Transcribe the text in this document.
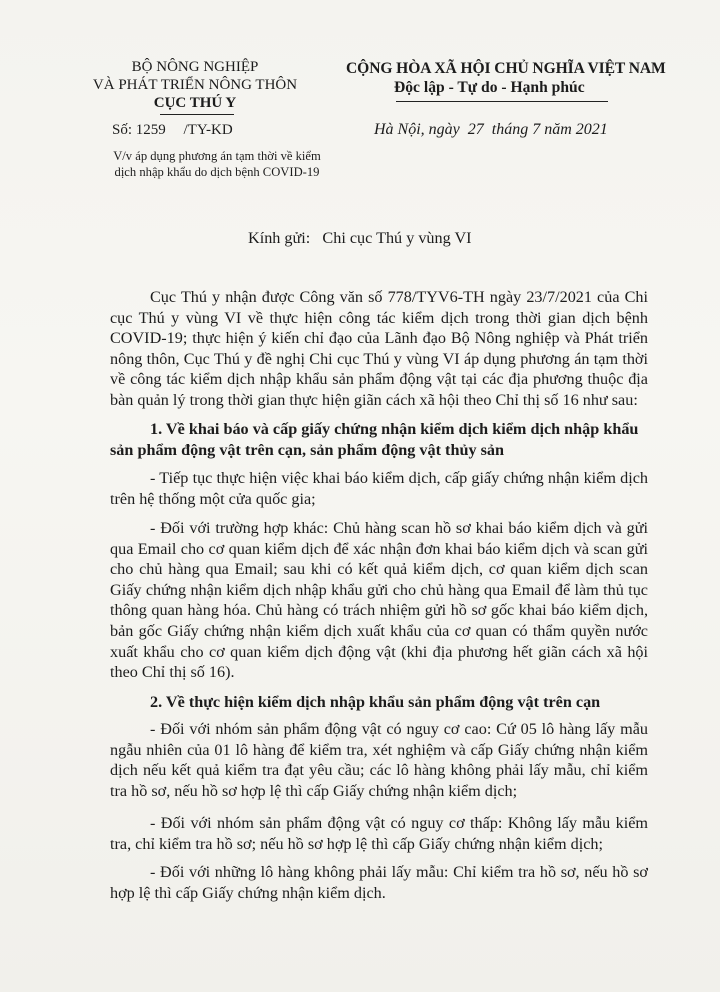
BỘ NÔNG NGHIỆP
VÀ PHÁT TRIỂN NÔNG THÔN
CỤC THÚ Y
Số: 1259 /TY-KD
V/v áp dụng phương án tạm thời về kiểm
dịch nhập khẩu do dịch bệnh COVID-19
CỘNG HÒA XÃ HỘI CHỦ NGHĨA VIỆT NAM
Độc lập - Tự do - Hạnh phúc
Hà Nội, ngày  27  tháng 7 năm 2021
Kính gửi:   Chi cục Thú y vùng VI

Cục Thú y nhận được Công văn số 778/TYV6-TH ngày 23/7/2021 của Chi cục Thú y vùng VI về thực hiện công tác kiểm dịch trong thời gian dịch bệnh COVID-19; thực hiện ý kiến chỉ đạo của Lãnh đạo Bộ Nông nghiệp và Phát triển nông thôn, Cục Thú y đề nghị Chi cục Thú y vùng VI áp dụng phương án tạm thời về công tác kiểm dịch nhập khẩu sản phẩm động vật tại các địa phương thuộc địa bàn quản lý trong thời gian thực hiện giãn cách xã hội theo Chỉ thị số 16 như sau:

1. Về khai báo và cấp giấy chứng nhận kiểm dịch kiểm dịch nhập khẩu sản phẩm động vật trên cạn, sản phẩm động vật thủy sản

- Tiếp tục thực hiện việc khai báo kiểm dịch, cấp giấy chứng nhận kiểm dịch trên hệ thống một cửa quốc gia;

- Đối với trường hợp khác: Chủ hàng scan hồ sơ khai báo kiểm dịch và gửi qua Email cho cơ quan kiểm dịch để xác nhận đơn khai báo kiểm dịch và scan gửi cho chủ hàng qua Email; sau khi có kết quả kiểm dịch, cơ quan kiểm dịch scan Giấy chứng nhận kiểm dịch nhập khẩu gửi cho chủ hàng qua Email để làm thủ tục thông quan hàng hóa. Chủ hàng có trách nhiệm gửi hồ sơ gốc khai báo kiểm dịch, bản gốc Giấy chứng nhận kiểm dịch xuất khẩu của cơ quan có thẩm quyền nước xuất khẩu cho cơ quan kiểm dịch động vật (khi địa phương hết giãn cách xã hội theo Chỉ thị số 16).

2. Về thực hiện kiểm dịch nhập khẩu sản phẩm động vật trên cạn

- Đối với nhóm sản phẩm động vật có nguy cơ cao: Cứ 05 lô hàng lấy mẫu ngẫu nhiên của 01 lô hàng để kiểm tra, xét nghiệm và cấp Giấy chứng nhận kiểm dịch nếu kết quả kiểm tra đạt yêu cầu; các lô hàng không phải lấy mẫu, chỉ kiểm tra hồ sơ, nếu hồ sơ hợp lệ thì cấp Giấy chứng nhận kiểm dịch;

- Đối với nhóm sản phẩm động vật có nguy cơ thấp: Không lấy mẫu kiểm tra, chỉ kiểm tra hồ sơ; nếu hồ sơ hợp lệ thì cấp Giấy chứng nhận kiểm dịch;

- Đối với những lô hàng không phải lấy mẫu: Chỉ kiểm tra hồ sơ, nếu hồ sơ hợp lệ thì cấp Giấy chứng nhận kiểm dịch.
